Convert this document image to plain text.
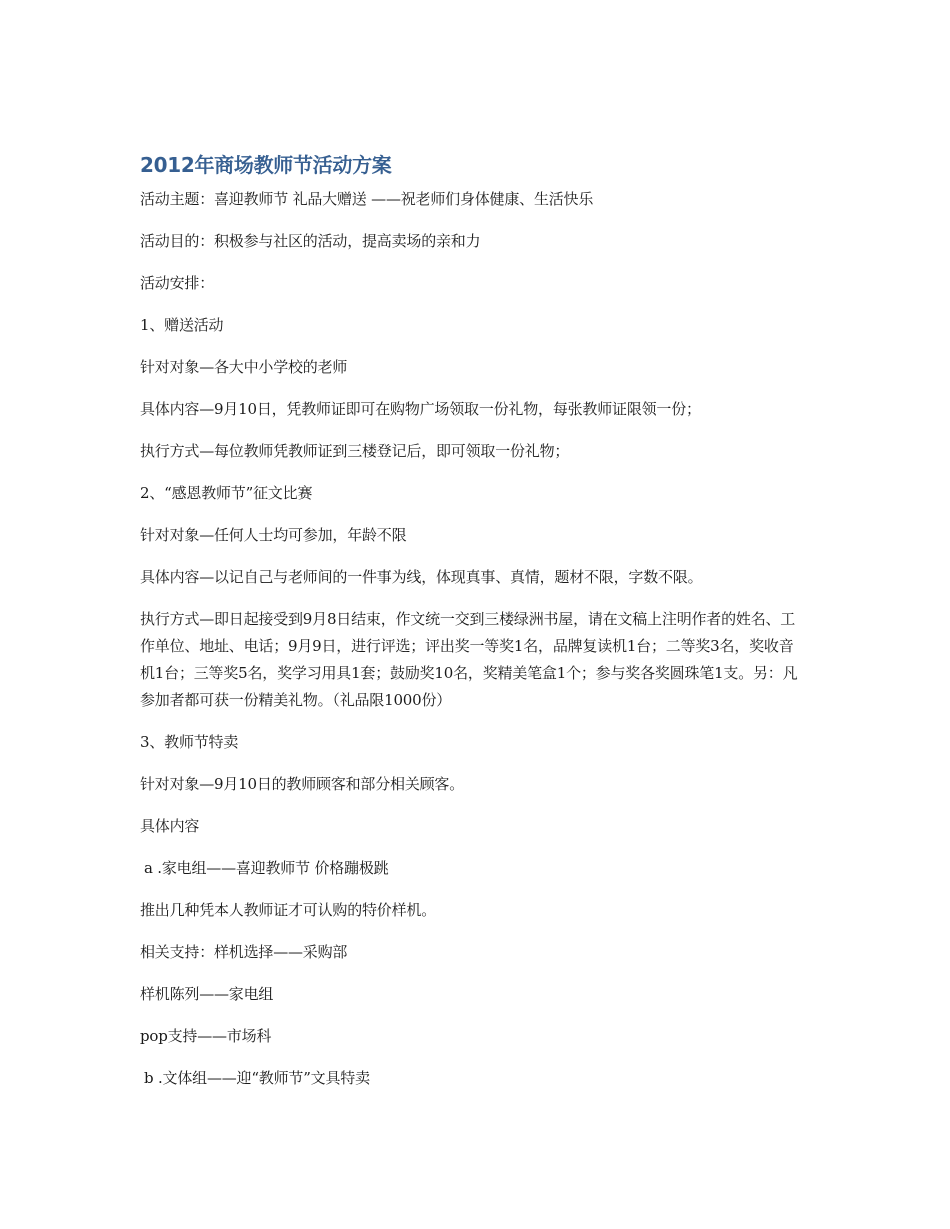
2012年商场教师节活动方案

活动主题：喜迎教师节 礼品大赠送 ——祝老师们身体健康、生活快乐

活动目的：积极参与社区的活动，提高卖场的亲和力

活动安排：

1、赠送活动

针对对象—各大中小学校的老师

具体内容—9月10日，凭教师证即可在购物广场领取一份礼物，每张教师证限领一份；

执行方式—每位教师凭教师证到三楼登记后，即可领取一份礼物；

2、“感恩教师节”征文比赛

针对对象—任何人士均可参加，年龄不限

具体内容—以记自己与老师间的一件事为线，体现真事、真情，题材不限，字数不限。

执行方式—即日起接受到9月8日结束，作文统一交到三楼绿洲书屋，请在文稿上注明作者的姓名、工作单位、地址、电话；9月9日，进行评选；评出奖一等奖1名，品牌复读机1台；二等奖3名，奖收音机1台；三等奖5名，奖学习用具1套；鼓励奖10名，奖精美笔盒1个；参与奖各奖圆珠笔1支。另：凡参加者都可获一份精美礼物。（礼品限1000份）

3、教师节特卖

针对对象—9月10日的教师顾客和部分相关顾客。

具体内容

a .家电组——喜迎教师节 价格蹦极跳

推出几种凭本人教师证才可认购的特价样机。

相关支持：样机选择——采购部

样机陈列——家电组

pop支持——市场科

b .文体组——迎“教师节”文具特卖
